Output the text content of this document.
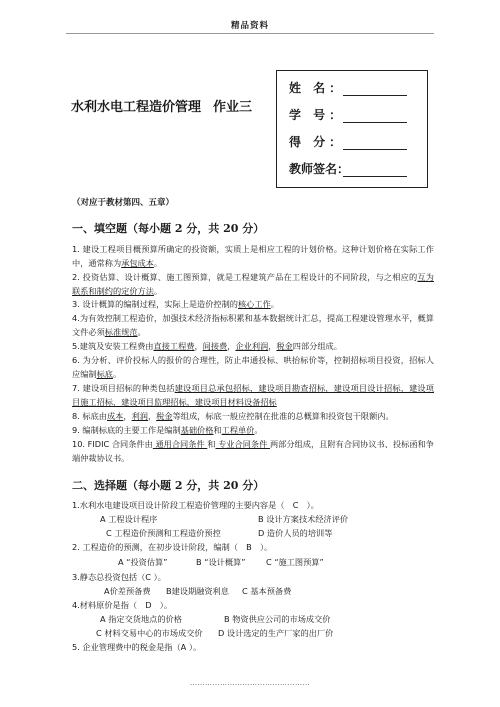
精品资料
水利水电工程造价管理 作业三
姓 名：
学 号：
得 分：
教师签名：
（对应于教材第四、五章）
一、填空题（每小题 2 分，共 20 分）
1. 建设工程项目概预算所确定的投资额，实质上是相应工程的计划价格。这种计划价格在实际工作中，通常称为承包成本。
2. 投资估算、设计概算、施工图预算，就是工程建筑产品在工程设计的不同阶段，与之相应的互为联系和制约的定价方法。
3. 设计概算的编制过程，实际上是造价控制的核心工作。
4.为有效控制工程造价，加强技术经济指标积累和基本数据统计汇总，提高工程建设管理水平，概算文件必须标准规范。
5.建筑及安装工程费由直接工程费，间接费，企业利润，税金四部分组成。
6. 为分析、评价投标人的报价的合理性，防止串通投标、哄抬标价等，控制招标项目投资，招标人应编制标底。
7. 建设项目招标的种类包括建设项目总承包招标，建设项目勘查招标，建设项目设计招标，建设项目施工招标，建设项目监理招标，建设项目材料设备招标
8. 标底由成本，利润，税金等组成，标底一般应控制在批准的总概算和投资包干限额内。
9. 编制标底的主要工作是编制基础价格和工程单价。
10. FIDIC 合同条件由 通用合同条件 和 专业合同条件 两部分组成，且附有合同协议书、投标函和争端仲裁协议书。
二、选择题（每小题 2 分，共 20 分）
1.水利水电建设项目设计阶段工程造价管理的主要内容是（　C　）。
A 工程设计程序	B 设计方案技术经济评价
C 工程造价预测和工程造价预控	D 造价人员的培训等
2. 工程造价的预测，在初步设计阶段，编制（　B　）。
A “投资估算”	B “设计概算”	C “施工图预算”
3.静态总投资包括（C ）。
A价差预备费 B建设期融资利息 C 基本预备费
4.材料原价是指（　D　）。
A 指定交货地点的价格	B 物资供应公司的市场成交价
C 材料交易中心的市场成交价 D 设计选定的生产厂家的出厂价
5. 企业管理费中的税金是指（A ）。
…………………………………………
